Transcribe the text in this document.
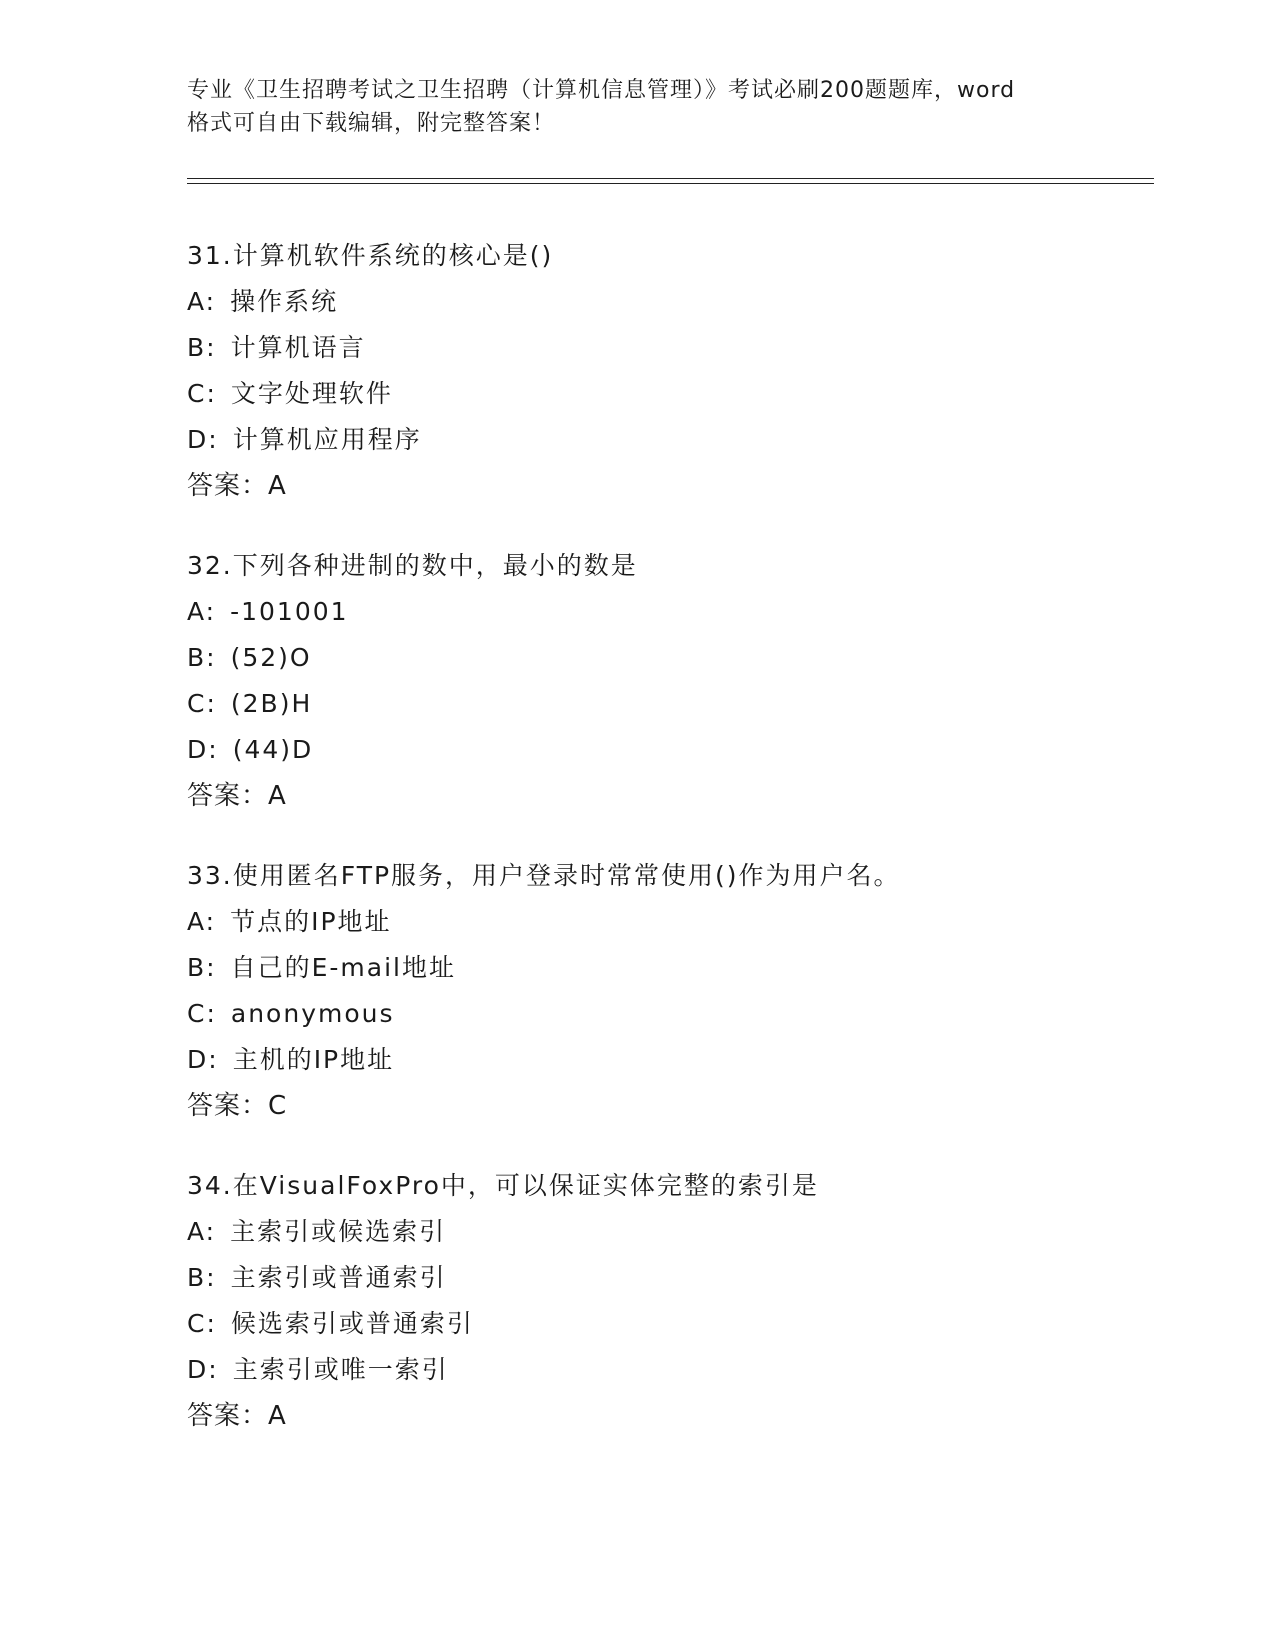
专业《卫生招聘考试之卫生招聘（计算机信息管理）》考试必刷200题题库，word
格式可自由下载编辑，附完整答案！
31.计算机软件系统的核心是()
A: 操作系统
B: 计算机语言
C: 文字处理软件
D: 计算机应用程序
答案：A
32.下列各种进制的数中，最小的数是
A: -101001
B: (52)O
C: (2B)H
D: (44)D
答案：A
33.使用匿名FTP服务，用户登录时常常使用()作为用户名。
A: 节点的IP地址
B: 自己的E-mail地址
C: anonymous
D: 主机的IP地址
答案：C
34.在VisualFoxPro中，可以保证实体完整的索引是
A: 主索引或候选索引
B: 主索引或普通索引
C: 候选索引或普通索引
D: 主索引或唯一索引
答案：A
